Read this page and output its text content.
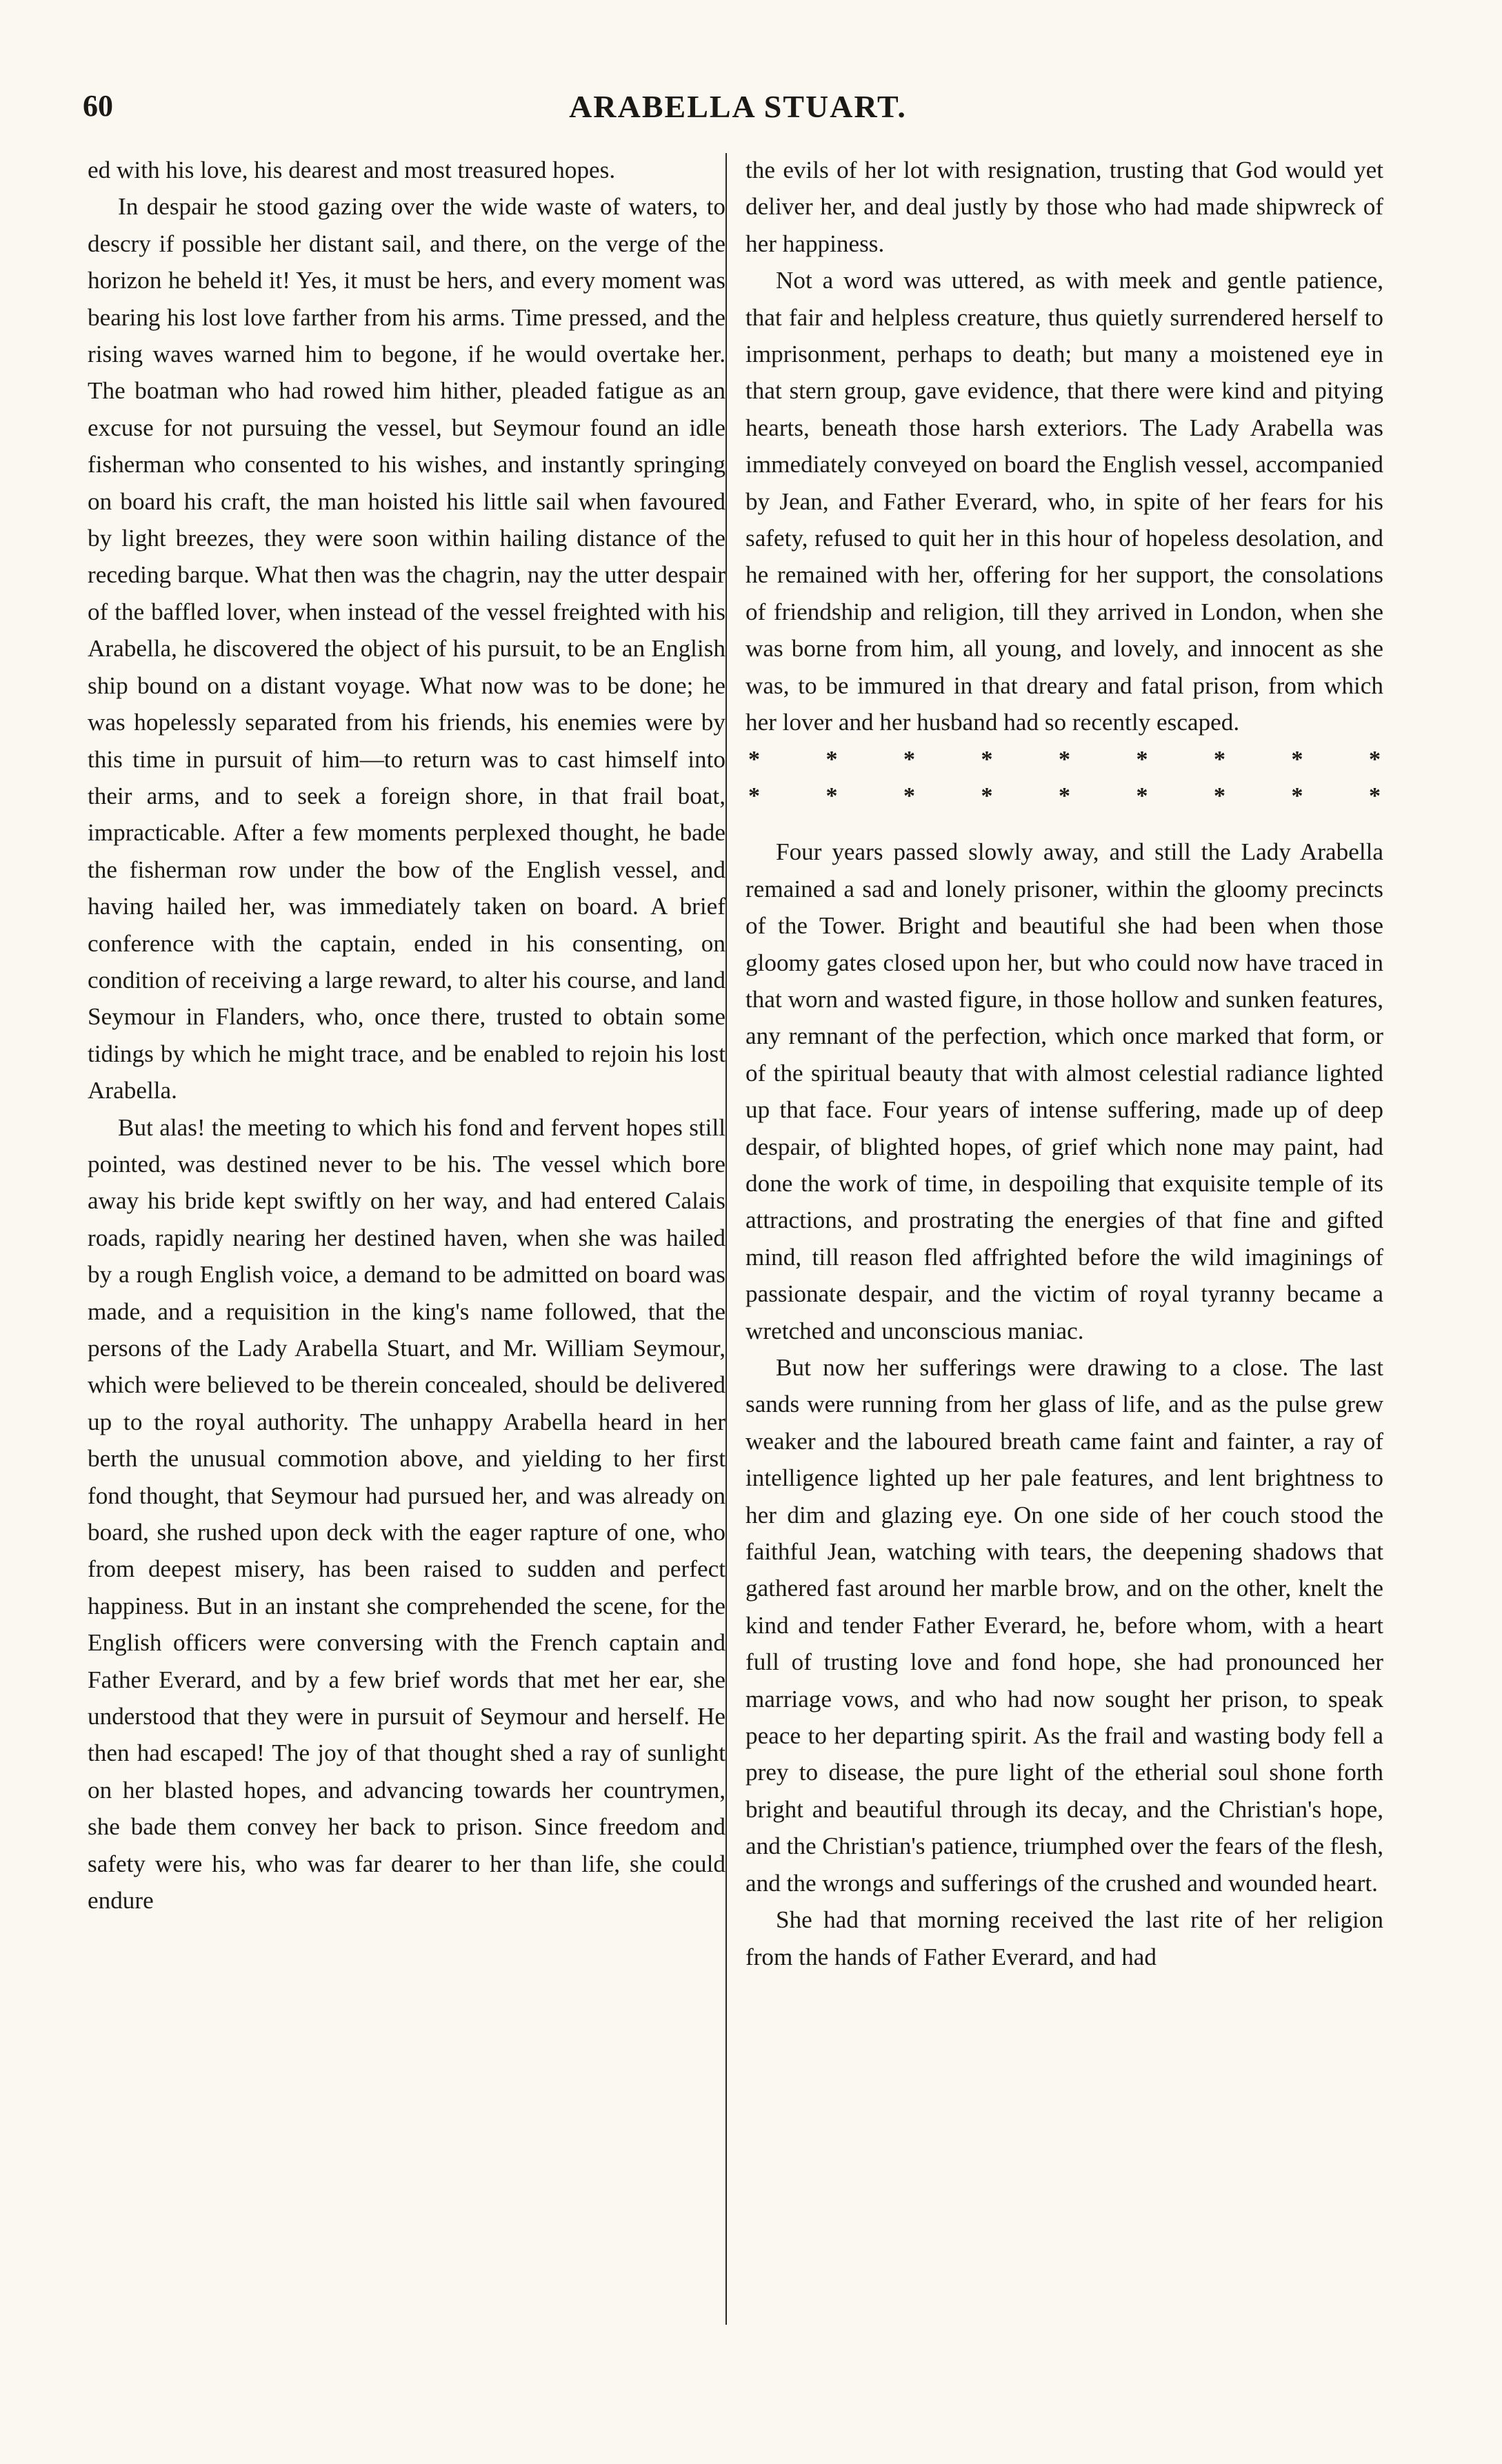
60	ARABELLA STUART.

ed with his love, his dearest and most treasured hopes.

In despair he stood gazing over the wide waste of waters, to descry if possible her distant sail, and there, on the verge of the horizon he beheld it! Yes, it must be hers, and every moment was bearing his lost love farther from his arms. Time pressed, and the rising waves warned him to begone, if he would overtake her. The boatman who had rowed him hither, pleaded fatigue as an excuse for not pursuing the vessel, but Seymour found an idle fisherman who consented to his wishes, and instantly springing on board his craft, the man hoisted his little sail when favoured by light breezes, they were soon within hailing distance of the receding barque. What then was the chagrin, nay the utter despair of the baffled lover, when instead of the vessel freighted with his Arabella, he discovered the object of his pursuit, to be an English ship bound on a distant voyage. What now was to be done; he was hopelessly separated from his friends, his enemies were by this time in pursuit of him—to return was to cast himself into their arms, and to seek a foreign shore, in that frail boat, impracticable. After a few moments perplexed thought, he bade the fisherman row under the bow of the English vessel, and having hailed her, was immediately taken on board. A brief conference with the captain, ended in his consenting, on condition of receiving a large reward, to alter his course, and land Seymour in Flanders, who, once there, trusted to obtain some tidings by which he might trace, and be enabled to rejoin his lost Arabella.

But alas! the meeting to which his fond and fervent hopes still pointed, was destined never to be his. The vessel which bore away his bride kept swiftly on her way, and had entered Calais roads, rapidly nearing her destined haven, when she was hailed by a rough English voice, a demand to be admitted on board was made, and a requisition in the king's name followed, that the persons of the Lady Arabella Stuart, and Mr. William Seymour, which were believed to be therein concealed, should be delivered up to the royal authority. The unhappy Arabella heard in her berth the unusual commotion above, and yielding to her first fond thought, that Seymour had pursued her, and was already on board, she rushed upon deck with the eager rapture of one, who from deepest misery, has been raised to sudden and perfect happiness. But in an instant she comprehended the scene, for the English officers were conversing with the French captain and Father Everard, and by a few brief words that met her ear, she understood that they were in pursuit of Seymour and herself. He then had escaped! The joy of that thought shed a ray of sunlight on her blasted hopes, and advancing towards her countrymen, she bade them convey her back to prison. Since freedom and safety were his, who was far dearer to her than life, she could endure

the evils of her lot with resignation, trusting that God would yet deliver her, and deal justly by those who had made shipwreck of her happiness.

Not a word was uttered, as with meek and gentle patience, that fair and helpless creature, thus quietly surrendered herself to imprisonment, perhaps to death; but many a moistened eye in that stern group, gave evidence, that there were kind and pitying hearts, beneath those harsh exteriors. The Lady Arabella was immediately conveyed on board the English vessel, accompanied by Jean, and Father Everard, who, in spite of her fears for his safety, refused to quit her in this hour of hopeless desolation, and he remained with her, offering for her support, the consolations of friendship and religion, till they arrived in London, when she was borne from him, all young, and lovely, and innocent as she was, to be immured in that dreary and fatal prison, from which her lover and her husband had so recently escaped.

*	*	*	*	*	*	*	*	*
*	*	*	*	*	*	*	*	*

Four years passed slowly away, and still the Lady Arabella remained a sad and lonely prisoner, within the gloomy precincts of the Tower. Bright and beautiful she had been when those gloomy gates closed upon her, but who could now have traced in that worn and wasted figure, in those hollow and sunken features, any remnant of the perfection, which once marked that form, or of the spiritual beauty that with almost celestial radiance lighted up that face. Four years of intense suffering, made up of deep despair, of blighted hopes, of grief which none may paint, had done the work of time, in despoiling that exquisite temple of its attractions, and prostrating the energies of that fine and gifted mind, till reason fled affrighted before the wild imaginings of passionate despair, and the victim of royal tyranny became a wretched and unconscious maniac.

But now her sufferings were drawing to a close. The last sands were running from her glass of life, and as the pulse grew weaker and the laboured breath came faint and fainter, a ray of intelligence lighted up her pale features, and lent brightness to her dim and glazing eye. On one side of her couch stood the faithful Jean, watching with tears, the deepening shadows that gathered fast around her marble brow, and on the other, knelt the kind and tender Father Everard, he, before whom, with a heart full of trusting love and fond hope, she had pronounced her marriage vows, and who had now sought her prison, to speak peace to her departing spirit. As the frail and wasting body fell a prey to disease, the pure light of the etherial soul shone forth bright and beautiful through its decay, and the Christian's hope, and the Christian's patience, triumphed over the fears of the flesh, and the wrongs and sufferings of the crushed and wounded heart.

She had that morning received the last rite of her religion from the hands of Father Everard, and had
